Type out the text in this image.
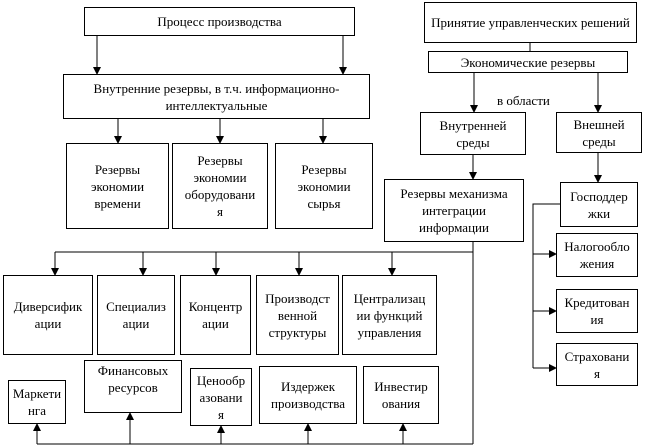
Процесс производства
Внутренние резервы, в т.ч. информационно-интеллектуальные
Резервы
экономии
времени
Резервы
экономии
оборудовани
я
Резервы
экономии
сырья
Резервы механизма интеграции информации
Принятие управленческих решений
Экономические резервы
в области
Внутренней
среды
Внешней
среды
Господдер
жки
Налогообло
жения
Кредитован
ия
Страховани
я
Диверсифик
ации
Специализ
ации
Концентр
ации
Производст
венной
структуры
Централизац
ии функций
управления
Маркети
нга
Финансовых
ресурсов	Ценообр
азовани
я
Издержек
производства
Инвестир
ования
